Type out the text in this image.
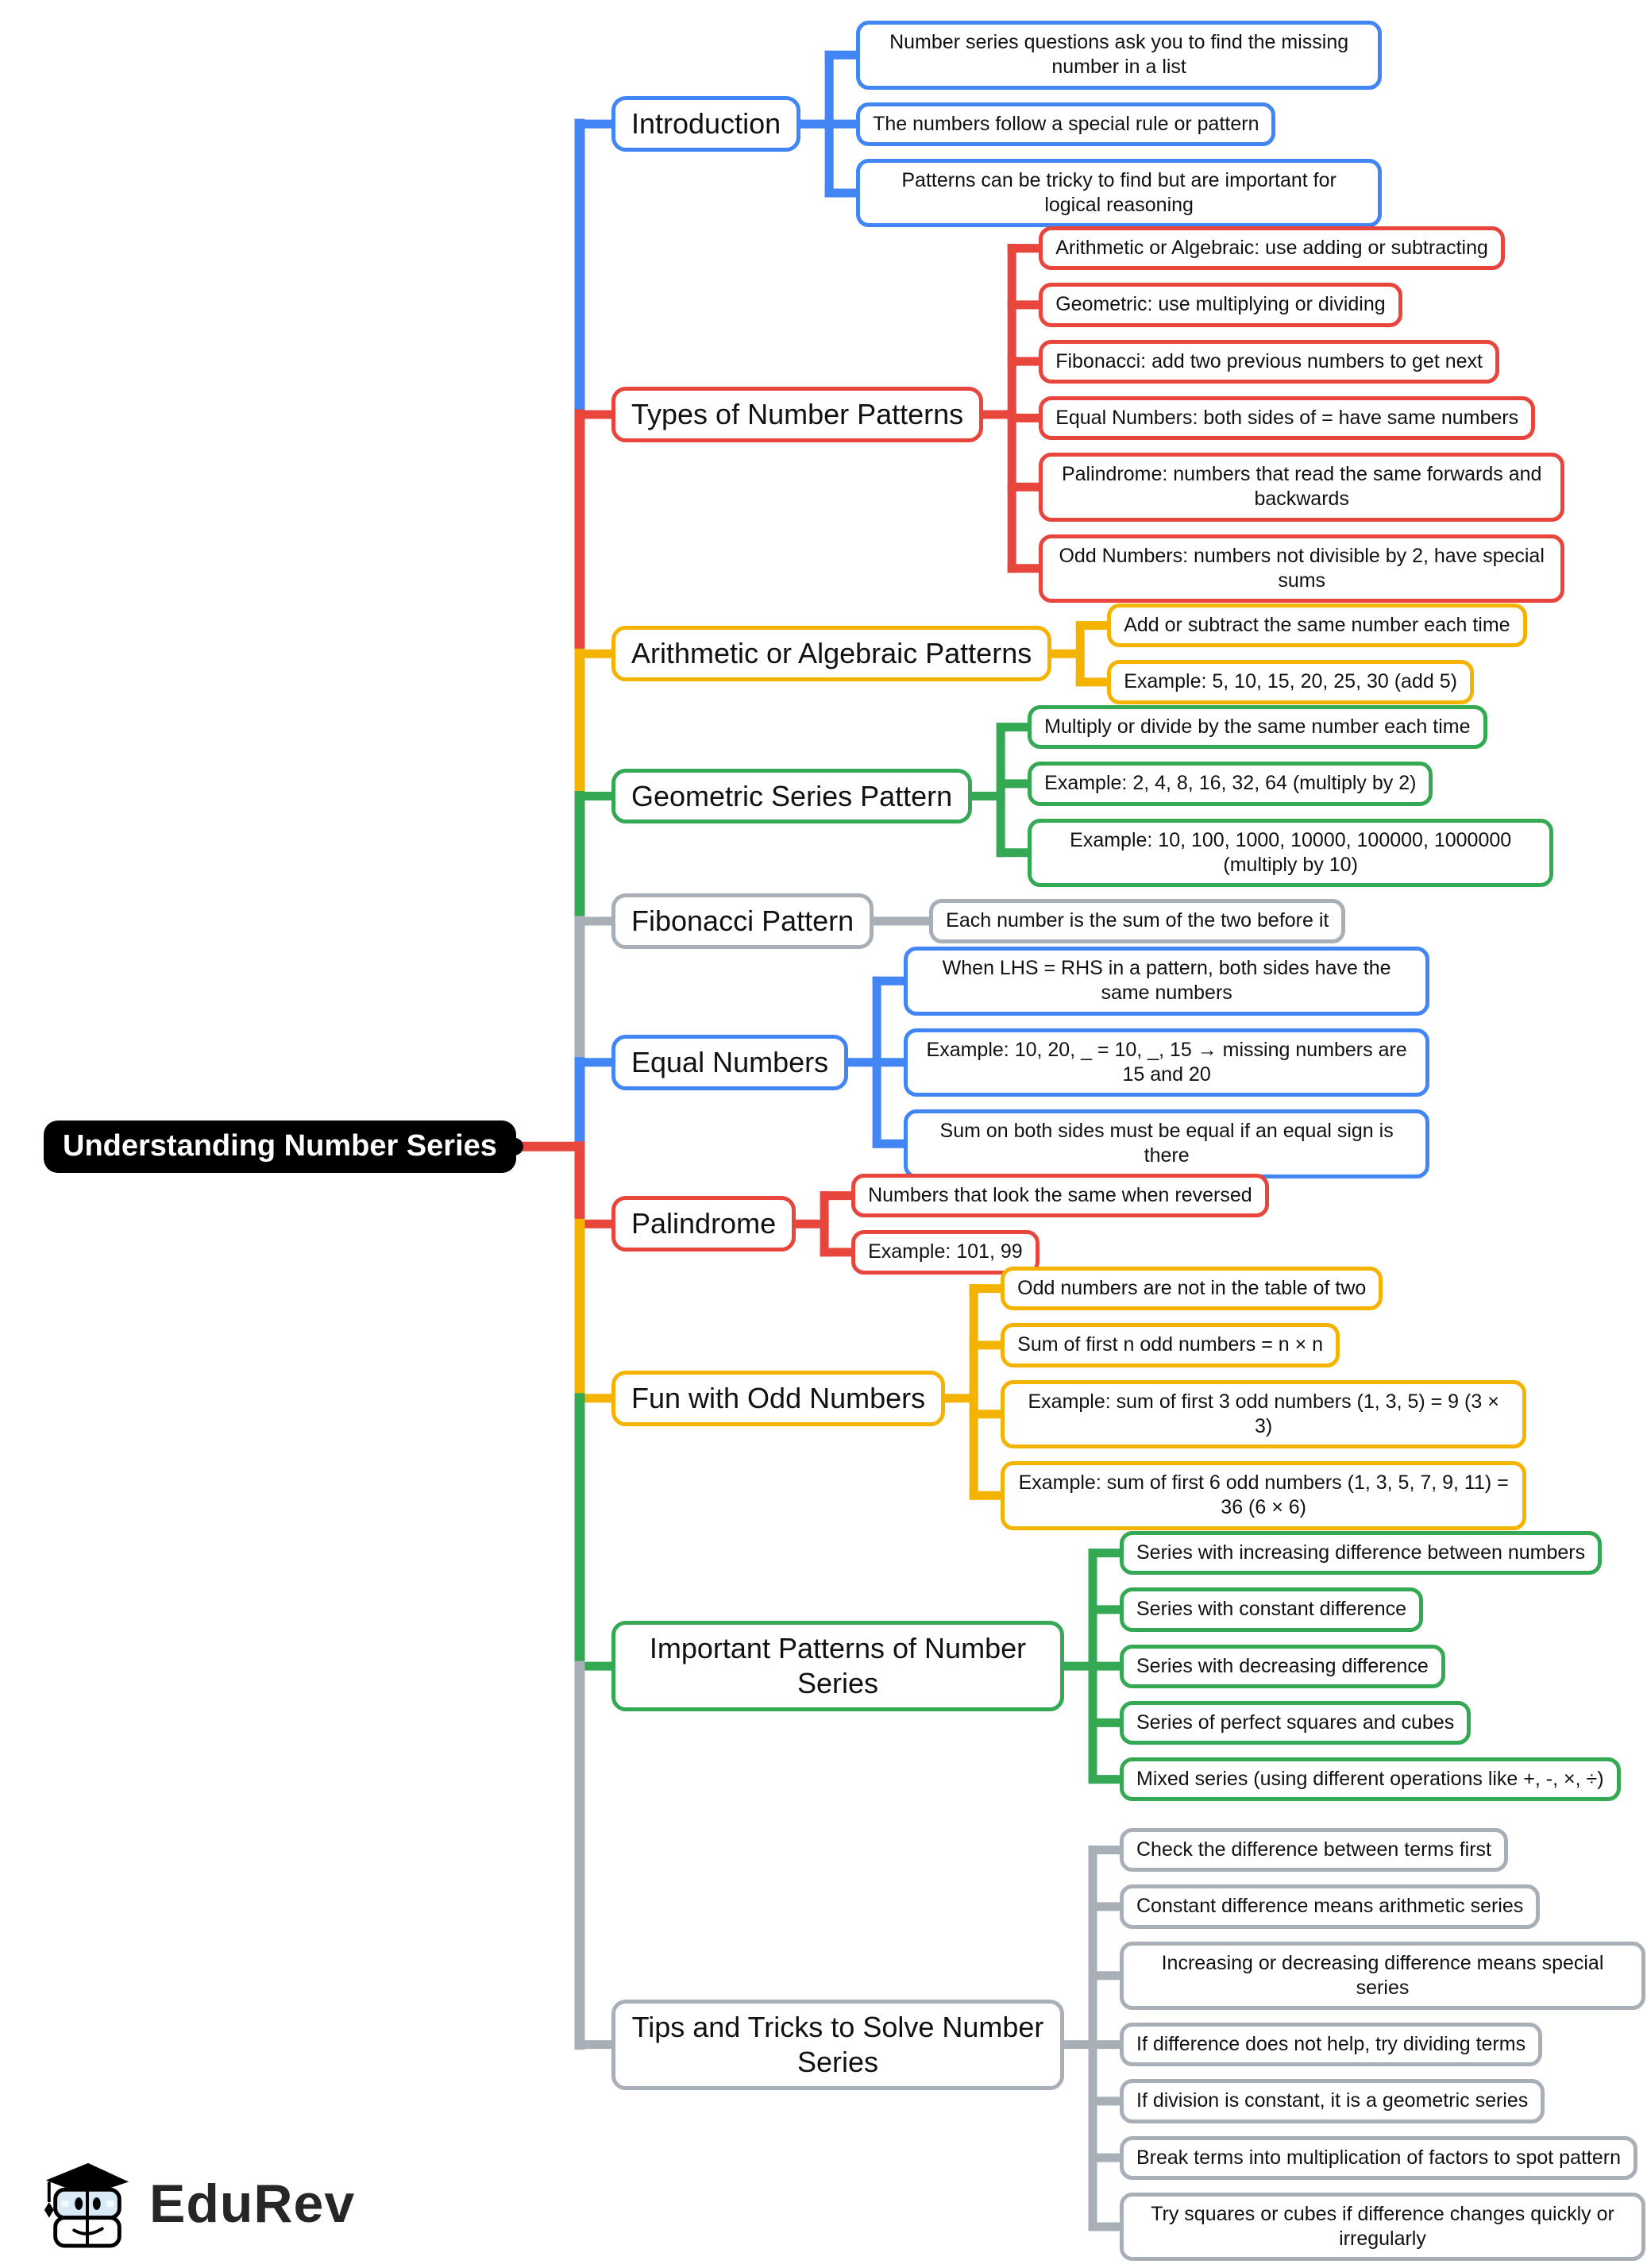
Understanding Number Series
Introduction
Number series questions ask you to find the missing number in a list
The numbers follow a special rule or pattern
Patterns can be tricky to find but are important for logical reasoning
Types of Number Patterns
Arithmetic or Algebraic: use adding or subtracting
Geometric: use multiplying or dividing
Fibonacci: add two previous numbers to get next
Equal Numbers: both sides of = have same numbers
Palindrome: numbers that read the same forwards and backwards
Odd Numbers: numbers not divisible by 2, have special sums
Arithmetic or Algebraic Patterns
Add or subtract the same number each time
Example: 5, 10, 15, 20, 25, 30 (add 5)
Geometric Series Pattern
Multiply or divide by the same number each time
Example: 2, 4, 8, 16, 32, 64 (multiply by 2)
Example: 10, 100, 1000, 10000, 100000, 1000000 (multiply by 10)
Fibonacci Pattern	Each number is the sum of the two before it
Equal Numbers
When LHS = RHS in a pattern, both sides have the same numbers
Example: 10, 20, _ = 10, _, 15 → missing numbers are 15 and 20
Sum on both sides must be equal if an equal sign is there
Palindrome
Numbers that look the same when reversed
Example: 101, 99
Fun with Odd Numbers
Odd numbers are not in the table of two
Sum of first n odd numbers = n × n
Example: sum of first 3 odd numbers (1, 3, 5) = 9 (3 × 3)
Example: sum of first 6 odd numbers (1, 3, 5, 7, 9, 11) = 36 (6 × 6)
Important Patterns of Number Series
Series with increasing difference between numbers
Series with constant difference
Series with decreasing difference
Series of perfect squares and cubes
Mixed series (using different operations like +, -, ×, ÷)
Tips and Tricks to Solve Number Series
Check the difference between terms first
Constant difference means arithmetic series
Increasing or decreasing difference means special series
If difference does not help, try dividing terms
If division is constant, it is a geometric series
Break terms into multiplication of factors to spot pattern
Try squares or cubes if difference changes quickly or irregularly
EduRev
